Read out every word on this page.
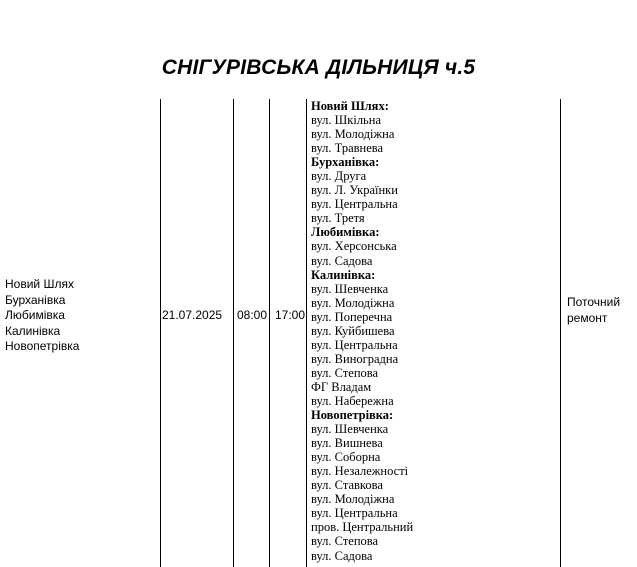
СНІГУРІВСЬКА ДІЛЬНИЦЯ ч.5
Новий Шлях
Бурханівка
Любимівка
Калинівка
Новопетрівка
21.07.2025 08:00 17:00
Поточний ремонт
Новий Шлях:
вул. Шкільна
вул. Молодіжна
вул. Травнева
Бурханівка:
вул. Друга
вул. Л. Українки
вул. Центральна
вул. Третя
Любимівка:
вул. Херсонська
вул. Садова
Калинівка:
вул. Шевченка
вул. Молодіжна
вул. Поперечна
вул. Куйбишева
вул. Центральна
вул. Виноградна
вул. Степова
ФГ Владам
вул. Набережна
Новопетрівка:
вул. Шевченка
вул. Вишнева
вул. Соборна
вул. Незалежності
вул. Ставкова
вул. Молодіжна
вул. Центральна
пров. Центральний
вул. Степова
вул. Садова
